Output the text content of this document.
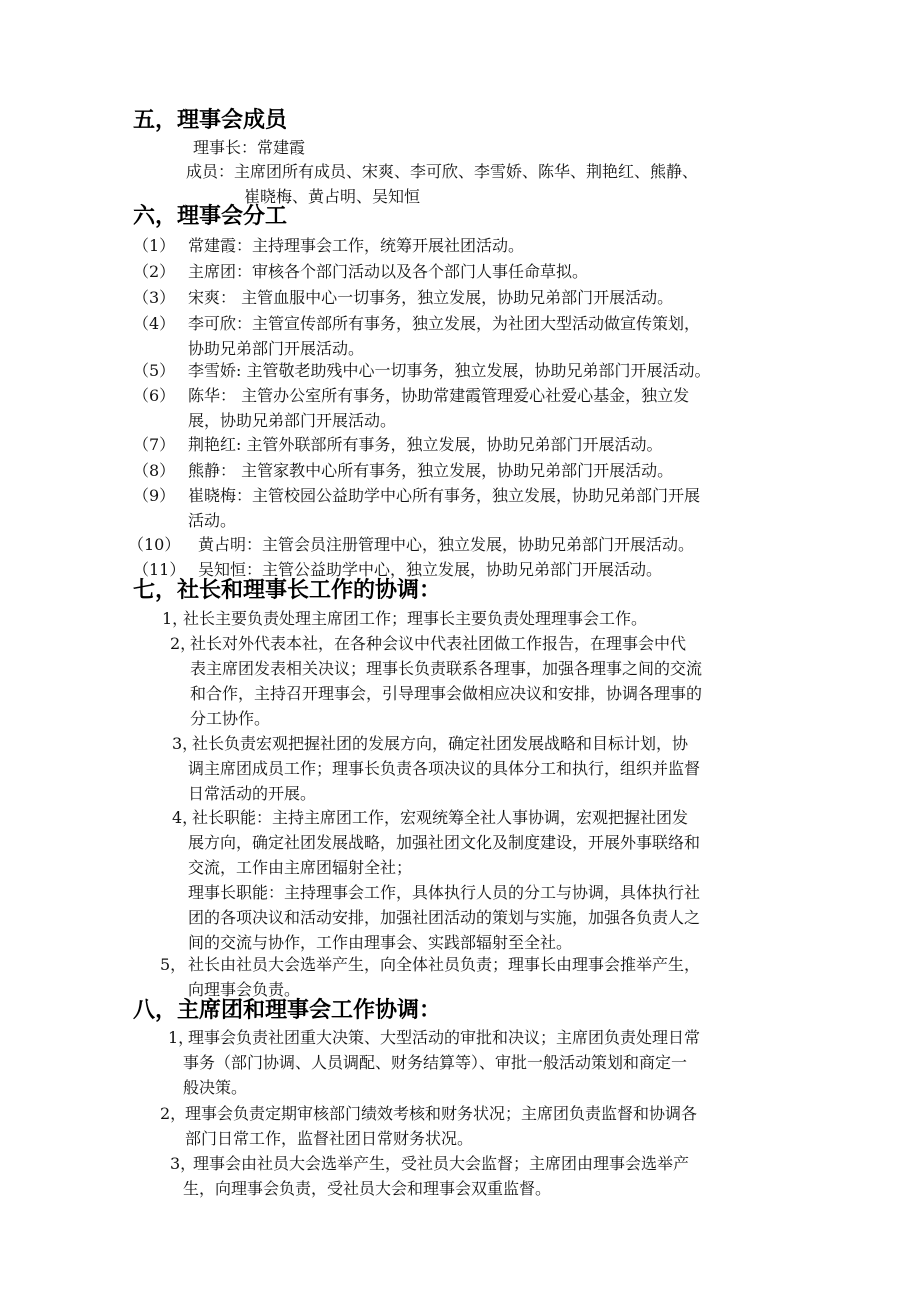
五，理事会成员
理事长：常建霞
成员：主席团所有成员、宋爽、李可欣、李雪娇、陈华、荆艳红、熊静、
崔晓梅、黄占明、吴知恒
六，理事会分工
（1） 常建霞：主持理事会工作，统筹开展社团活动。
（2） 主席团：审核各个部门活动以及各个部门人事任命草拟。
（3） 宋爽： 主管血服中心一切事务，独立发展，协助兄弟部门开展活动。
（4） 李可欣：主管宣传部所有事务，独立发展，为社团大型活动做宣传策划，
协助兄弟部门开展活动。
（5） 李雪娇: 主管敬老助残中心一切事务，独立发展，协助兄弟部门开展活动。
（6） 陈华： 主管办公室所有事务，协助常建霞管理爱心社爱心基金，独立发
展，协助兄弟部门开展活动。
（7） 荆艳红: 主管外联部所有事务，独立发展，协助兄弟部门开展活动。
（8） 熊静： 主管家教中心所有事务，独立发展，协助兄弟部门开展活动。
（9） 崔晓梅：主管校园公益助学中心所有事务，独立发展，协助兄弟部门开展
活动。
（10） 黄占明：主管会员注册管理中心，独立发展，协助兄弟部门开展活动。
（11） 吴知恒：主管公益助学中心，独立发展，协助兄弟部门开展活动。
七，社长和理事长工作的协调：
1，
社长主要负责处理主席团工作；理事长主要负责处理理事会工作。
2，
社长对外代表本社，在各种会议中代表社团做工作报告，在理事会中代
表主席团发表相关决议；理事长负责联系各理事，加强各理事之间的交流
和合作，主持召开理事会，引导理事会做相应决议和安排，协调各理事的
分工协作。
3，
社长负责宏观把握社团的发展方向，确定社团发展战略和目标计划，协
调主席团成员工作；理事长负责各项决议的具体分工和执行，组织并监督
日常活动的开展。
4，
社长职能：主持主席团工作，宏观统筹全社人事协调，宏观把握社团发
展方向，确定社团发展战略，加强社团文化及制度建设，开展外事联络和
交流，工作由主席团辐射全社；
理事长职能：主持理事会工作，具体执行人员的分工与协调，具体执行社
团的各项决议和活动安排，加强社团活动的策划与实施，加强各负责人之
间的交流与协作，工作由理事会、实践部辐射至全社。
5， 社长由社员大会选举产生，向全体社员负责；理事长由理事会推举产生，
向理事会负责。
八，主席团和理事会工作协调：
1，
理事会负责社团重大决策、大型活动的审批和决议；主席团负责处理日常
事务（部门协调、人员调配、财务结算等）、审批一般活动策划和商定一
般决策。
2，
理事会负责定期审核部门绩效考核和财务状况；主席团负责监督和协调各
部门日常工作，监督社团日常财务状况。
3，
理事会由社员大会选举产生，受社员大会监督；主席团由理事会选举产
生，向理事会负责，受社员大会和理事会双重监督。
